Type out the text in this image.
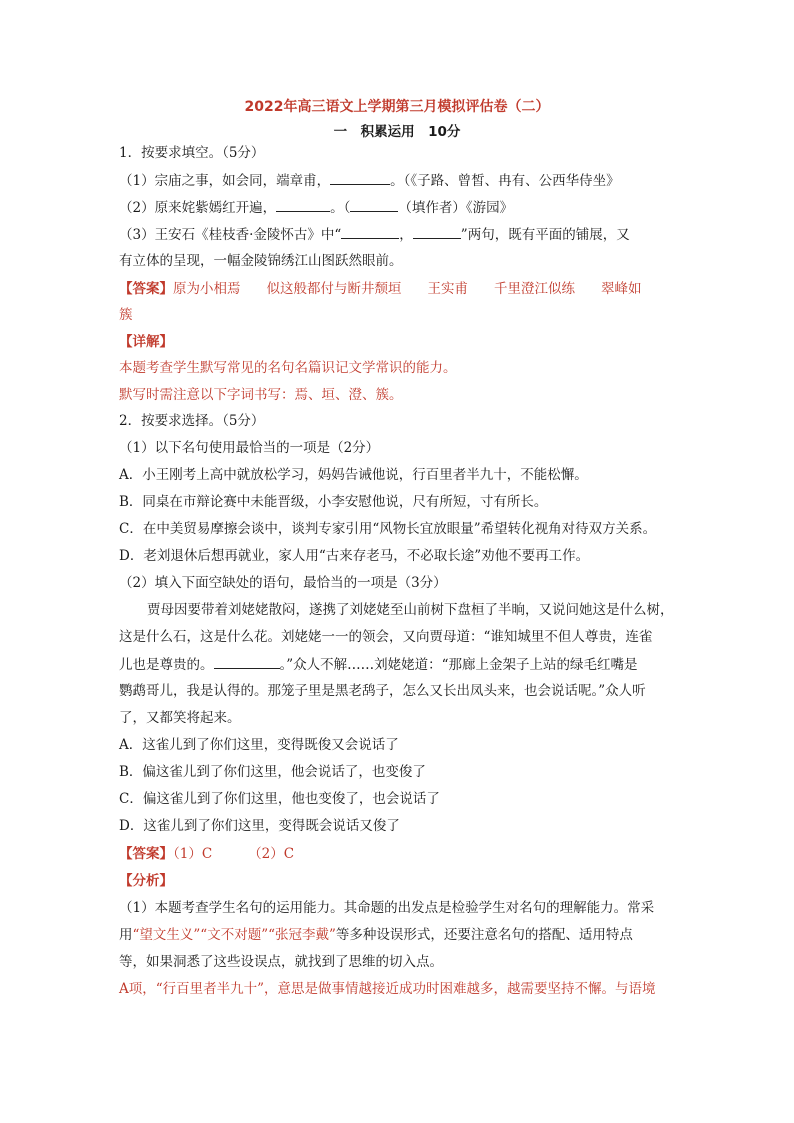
2022年高三语文上学期第三月模拟评估卷（二）
一　积累运用　10分
1．按要求填空。（5分）
（1）宗庙之事，如会同，端章甫，	。（《子路、曾皙、冉有、公西华侍坐》
（2）原来姹紫嫣红开遍，	。（	（填作者）《游园》
（3）王安石《桂枝香·金陵怀古》中“	，	”两句，既有平面的铺展，又
有立体的呈现，一幅金陵锦绣江山图跃然眼前。
【答案】原为小相焉 似这般都付与断井颓垣 王实甫 千里澄江似练 翠峰如
簇
【详解】
本题考查学生默写常见的名句名篇识记文学常识的能力。
默写时需注意以下字词书写：焉、垣、澄、簇。
2．按要求选择。（5分）
（1）以下名句使用最恰当的一项是（2分）
A．小王刚考上高中就放松学习，妈妈告诫他说，行百里者半九十，不能松懈。
B．同桌在市辩论赛中未能晋级，小李安慰他说，尺有所短，寸有所长。
C．在中美贸易摩擦会谈中，谈判专家引用“风物长宜放眼量”希望转化视角对待双方关系。
D．老刘退休后想再就业，家人用“古来存老马，不必取长途”劝他不要再工作。
（2）填入下面空缺处的语句，最恰当的一项是（3分）
贾母因要带着刘姥姥散闷，遂携了刘姥姥至山前树下盘桓了半晌，又说问她这是什么树，
这是什么石，这是什么花。刘姥姥一一的领会，又向贾母道：“谁知城里不但人尊贵，连雀
儿也是尊贵的。	。”众人不解……刘姥姥道：“那廊上金架子上站的绿毛红嘴是
鹦鹉哥儿，我是认得的。那笼子里是黑老鸹子，怎么又长出凤头来，也会说话呢。”众人听
了，又都笑将起来。
A．这雀儿到了你们这里，变得既俊又会说话了
B．偏这雀儿到了你们这里，他会说话了，也变俊了
C．偏这雀儿到了你们这里，他也变俊了，也会说话了
D．这雀儿到了你们这里，变得既会说话又俊了
【答案】（1）C	（2）C
【分析】
（1）本题考查学生名句的运用能力。其命题的出发点是检验学生对名句的理解能力。常采
用“望文生义”“文不对题”“张冠李戴”等多种设误形式，还要注意名句的搭配、适用特点
等，如果洞悉了这些设误点，就找到了思维的切入点。
A项，“行百里者半九十”，意思是做事情越接近成功时困难越多，越需要坚持不懈。与语境
